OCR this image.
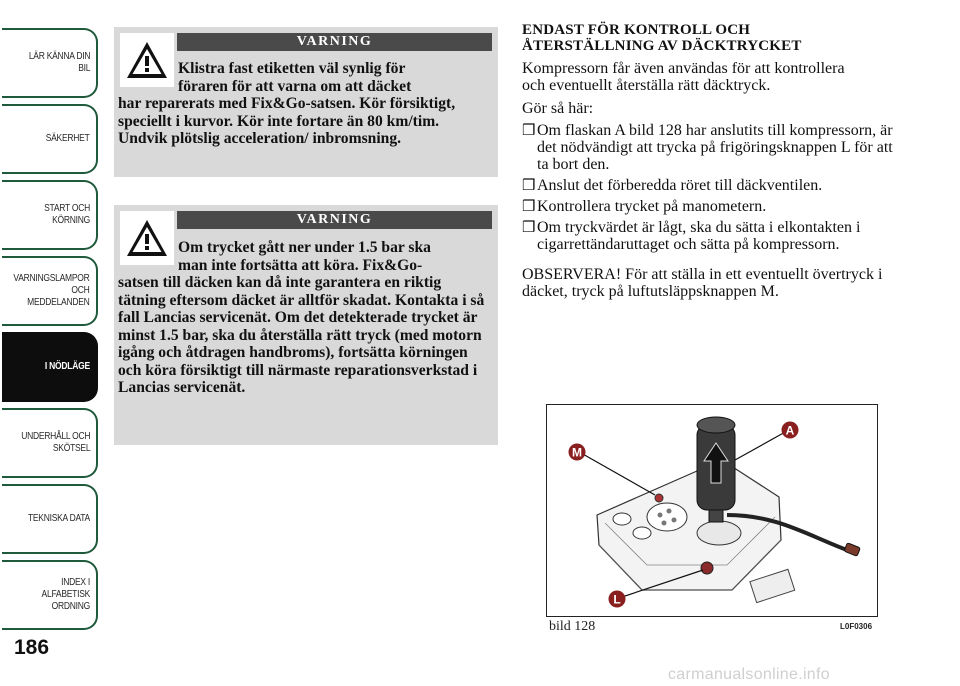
LÄR KÄNNA DIN
BIL
SÄKERHET
START OCH
KÖRNING
VARNINGSLAMPOR
OCH
MEDDELANDEN
I NÖDLÄGE
UNDERHÅLL OCH
SKÖTSEL
TEKNISKA DATA
INDEX I
ALFABETISK
ORDNING
186
VARNING
Klistra fast etiketten väl synlig för
föraren för att varna om att däcket
har reparerats med Fix&Go-satsen. Kör försiktigt, speciellt i kurvor. Kör inte fortare än 80 km/tim. Undvik plötslig acceleration/ inbromsning.
VARNING
Om trycket gått ner under 1.5 bar ska
man inte fortsätta att köra. Fix&Go-
satsen till däcken kan då inte garantera en riktig tätning eftersom däcket är alltför skadat. Kontakta i så fall Lancias servicenät. Om det detekterade trycket är minst 1.5 bar, ska du återställa rätt tryck (med motorn igång och åtdragen handbroms), fortsätta körningen och köra försiktigt till närmaste reparationsverkstad i Lancias servicenät.
ENDAST FÖR KONTROLL OCH
ÅTERSTÄLLNING AV DÄCKTRYCKET

Kompressorn får även användas för att kontrollera och eventuellt återställa rätt däcktryck.

Gör så här:

❒ Om flaskan A bild 128 har anslutits till kompressorn, är det nödvändigt att trycka på frigöringsknappen L för att ta bort den.
❒ Anslut det förberedda röret till däckventilen.
❒ Kontrollera trycket på manometern.
❒ Om tryckvärdet är lågt, ska du sätta i elkontakten i cigarrettändaruttaget och sätta på kompressorn.

OBSERVERA! För att ställa in ett eventuellt övertryck i däcket, tryck på luftutsläppsknappen M.

M
A
L
bild 128	L0F0306
carmanualsonline.info
